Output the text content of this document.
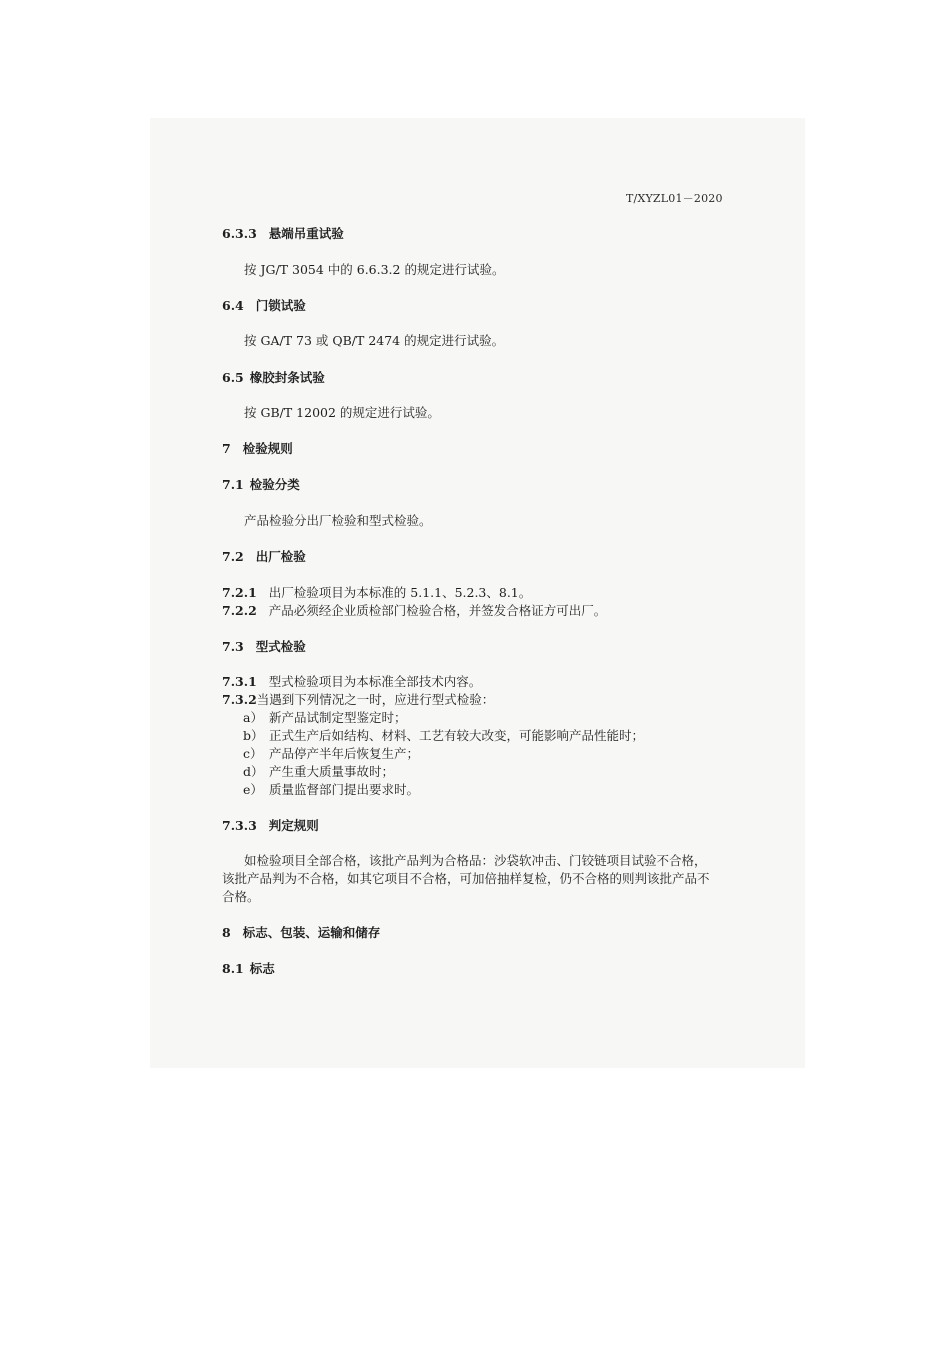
T/XYZL01－2020
6.3.3 悬端吊重试验
按 JG/T 3054 中的 6.6.3.2 的规定进行试验。
6.4 门锁试验
按 GA/T 73 或 QB/T 2474 的规定进行试验。
6.5 橡胶封条试验
按 GB/T 12002 的规定进行试验。
7 检验规则
7.1 检验分类
产品检验分出厂检验和型式检验。
7.2 出厂检验
7.2.1 出厂检验项目为本标准的 5.1.1、5.2.3、8.1。
7.2.2 产品必须经企业质检部门检验合格，并签发合格证方可出厂。
7.3 型式检验
7.3.1 型式检验项目为本标准全部技术内容。
7.3.2当遇到下列情况之一时，应进行型式检验：
a） 新产品试制定型鉴定时；
b） 正式生产后如结构、材料、工艺有较大改变，可能影响产品性能时；
c） 产品停产半年后恢复生产；
d） 产生重大质量事故时；
e） 质量监督部门提出要求时。
7.3.3 判定规则
如检验项目全部合格，该批产品判为合格品：沙袋软冲击、门铰链项目试验不合格，
该批产品判为不合格，如其它项目不合格，可加倍抽样复检，仍不合格的则判该批产品不
合格。
8 标志、包装、运输和储存
8.1 标志
